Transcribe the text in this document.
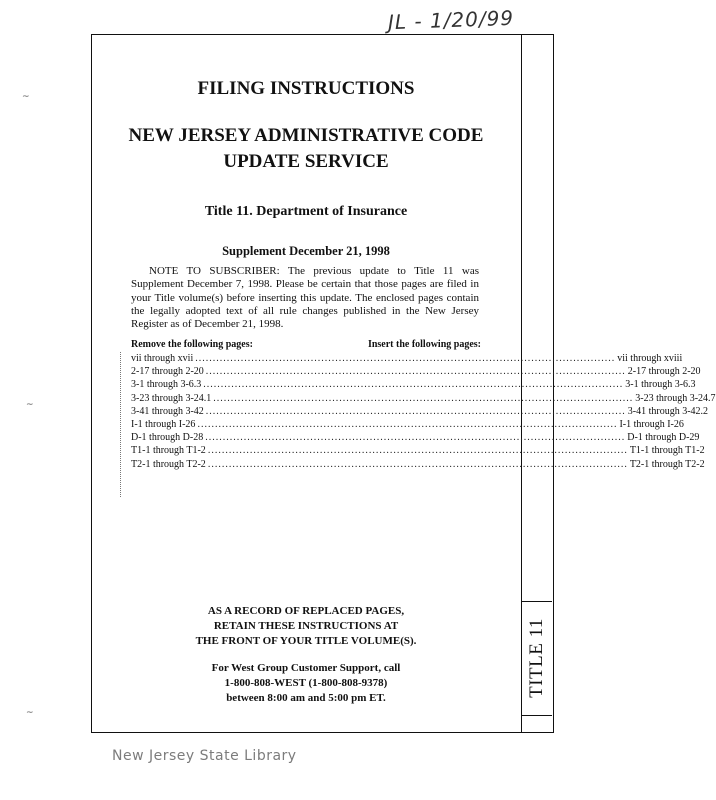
JL - 1/20/99
TITLE 11
~
~
~
FILING INSTRUCTIONS
NEW JERSEY ADMINISTRATIVE CODE
UPDATE SERVICE
Title 11. Department of Insurance
Supplement December 21, 1998
NOTE TO SUBSCRIBER: The previous update to Title 11 was Supplement December 7, 1998. Please be certain that those pages are filed in your Title volume(s) before inserting this update. The enclosed pages contain the legally adopted text of all rule changes published in the New Jersey Register as of December 21, 1998.
Remove the following pages:	Insert the following pages:
vii through xvii ........................................................................................................................ vii through xviii
2-17 through 2-20 ........................................................................................................................ 2-17 through 2-20
3-1 through 3-6.3 ........................................................................................................................ 3-1 through 3-6.3
3-23 through 3-24.1 ........................................................................................................................ 3-23 through 3-24.7
3-41 through 3-42 ........................................................................................................................ 3-41 through 3-42.2
I-1 through I-26 ........................................................................................................................ I-1 through I-26
D-1 through D-28 ........................................................................................................................ D-1 through D-29
T1-1 through T1-2 ........................................................................................................................ T1-1 through T1-2
T2-1 through T2-2 ........................................................................................................................ T2-1 through T2-2
AS A RECORD OF REPLACED PAGES,
RETAIN THESE INSTRUCTIONS AT
THE FRONT OF YOUR TITLE VOLUME(S).
For West Group Customer Support, call
1-800-808-WEST (1-800-808-9378)
between 8:00 am and 5:00 pm ET.
New Jersey State Library
